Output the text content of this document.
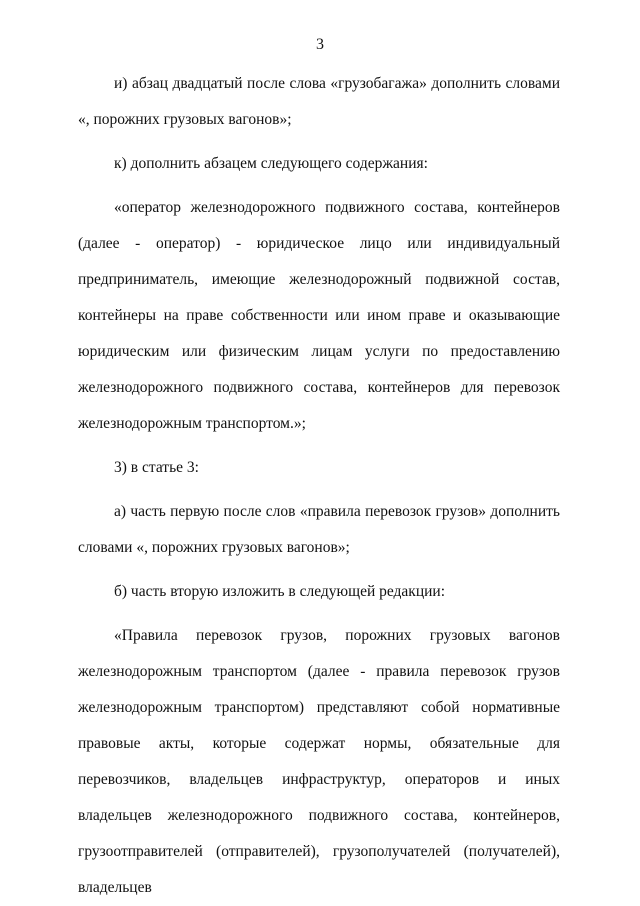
3

и) абзац двадцатый после слова «грузобагажа» дополнить словами «, порожних грузовых вагонов»;

к) дополнить абзацем следующего содержания:

«оператор железнодорожного подвижного состава, контейнеров (далее - оператор) - юридическое лицо или индивидуальный предприниматель, имеющие железнодорожный подвижной состав, контейнеры на праве собственности или ином праве и оказывающие юридическим или физическим лицам услуги по предоставлению железнодорожного подвижного состава, контейнеров для перевозок железнодорожным транспортом.»;

3) в статье 3:

а) часть первую после слов «правила перевозок грузов» дополнить словами «, порожних грузовых вагонов»;

б) часть вторую изложить в следующей редакции:

«Правила перевозок грузов, порожних грузовых вагонов железнодорожным транспортом (далее - правила перевозок грузов железнодорожным транспортом) представляют собой нормативные правовые акты, которые содержат нормы, обязательные для перевозчиков, владельцев инфраструктур, операторов и иных владельцев железнодорожного подвижного состава, контейнеров, грузоотправителей (отправителей), грузополучателей (получателей), владельцев
